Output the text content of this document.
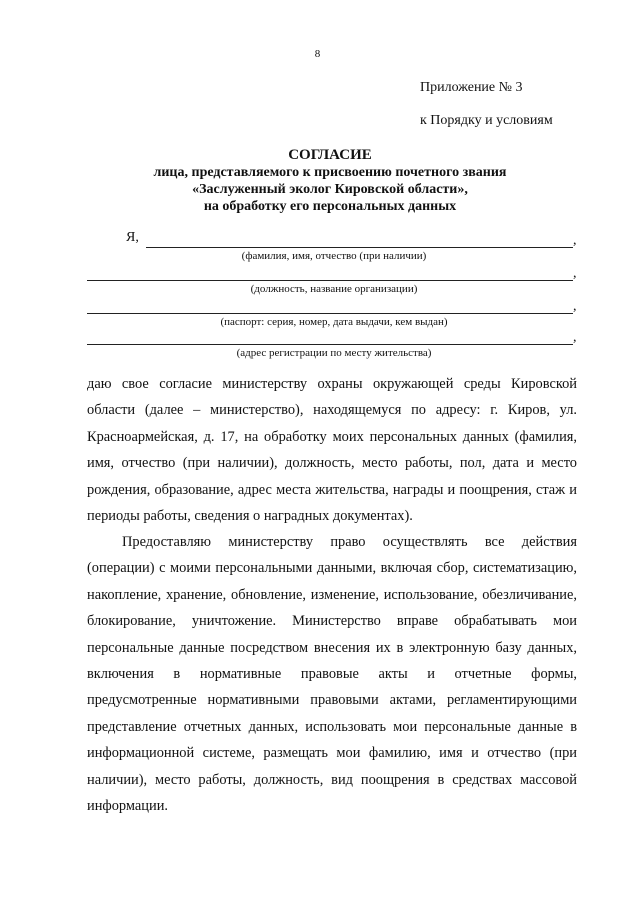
8
Приложение № 3
к Порядку и условиям
СОГЛАСИЕ
лица, представляемого к присвоению почетного звания
«Заслуженный эколог Кировской области»,
на обработку его персональных данных
Я,	,
(фамилия, имя, отчество (при наличии)
,
(должность, название организации)
,
(паспорт: серия, номер, дата выдачи, кем выдан)
,
(адрес регистрации по месту жительства)

даю свое согласие министерству охраны окружающей среды Кировской области (далее – министерство), находящемуся по адресу: г. Киров, ул. Красноармейская, д. 17, на обработку моих персональных данных (фамилия, имя, отчество (при наличии), должность, место работы, пол, дата и место рождения, образование, адрес места жительства, награды и поощрения, стаж и периоды работы, сведения о наградных документах).

Предоставляю министерству право осуществлять все действия (операции) с моими персональными данными, включая сбор, систематизацию, накопление, хранение, обновление, изменение, использование, обезличивание, блокирование, уничтожение. Министерство вправе обрабатывать мои персональные данные посредством внесения их в электронную базу данных, включения в нормативные правовые акты и отчетные формы, предусмотренные нормативными правовыми актами, регламентирующими представление отчетных данных, использовать мои персональные данные в информационной системе, размещать мои фамилию, имя и отчество (при наличии), место работы, должность, вид поощрения в средствах массовой информации.
